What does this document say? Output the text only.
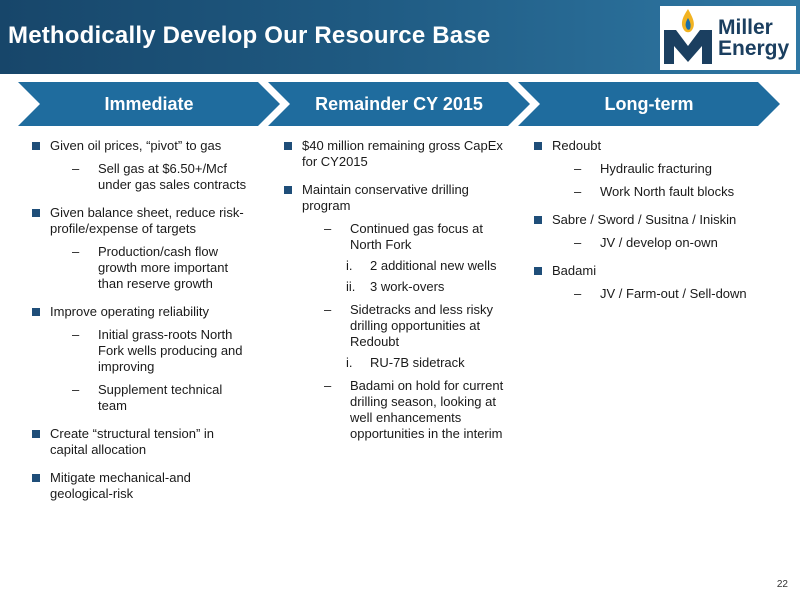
Methodically Develop Our Resource Base	Miller
Energy
Immediate	Remainder CY 2015	Long-term
Given oil prices, “pivot” to gas
– Sell gas at $6.50+/Mcf under gas sales contracts
Given balance sheet, reduce risk-profile/expense of targets
– Production/cash flow growth more important than reserve growth
Improve operating reliability
– Initial grass-roots North Fork wells producing and improving
– Supplement technical team
Create “structural tension” in capital allocation
Mitigate mechanical-and geological-risk
$40 million remaining gross CapEx for CY2015
Maintain conservative drilling program
– Continued gas focus at North Fork
i. 2 additional new wells
ii. 3 work-overs
– Sidetracks and less risky drilling opportunities at Redoubt
i. RU-7B sidetrack
– Badami on hold for current drilling season, looking at well enhancements opportunities in the interim
Redoubt
– Hydraulic fracturing
– Work North fault blocks
Sabre / Sword / Susitna / Iniskin
– JV / develop on-own
Badami
– JV / Farm-out / Sell-down
22
